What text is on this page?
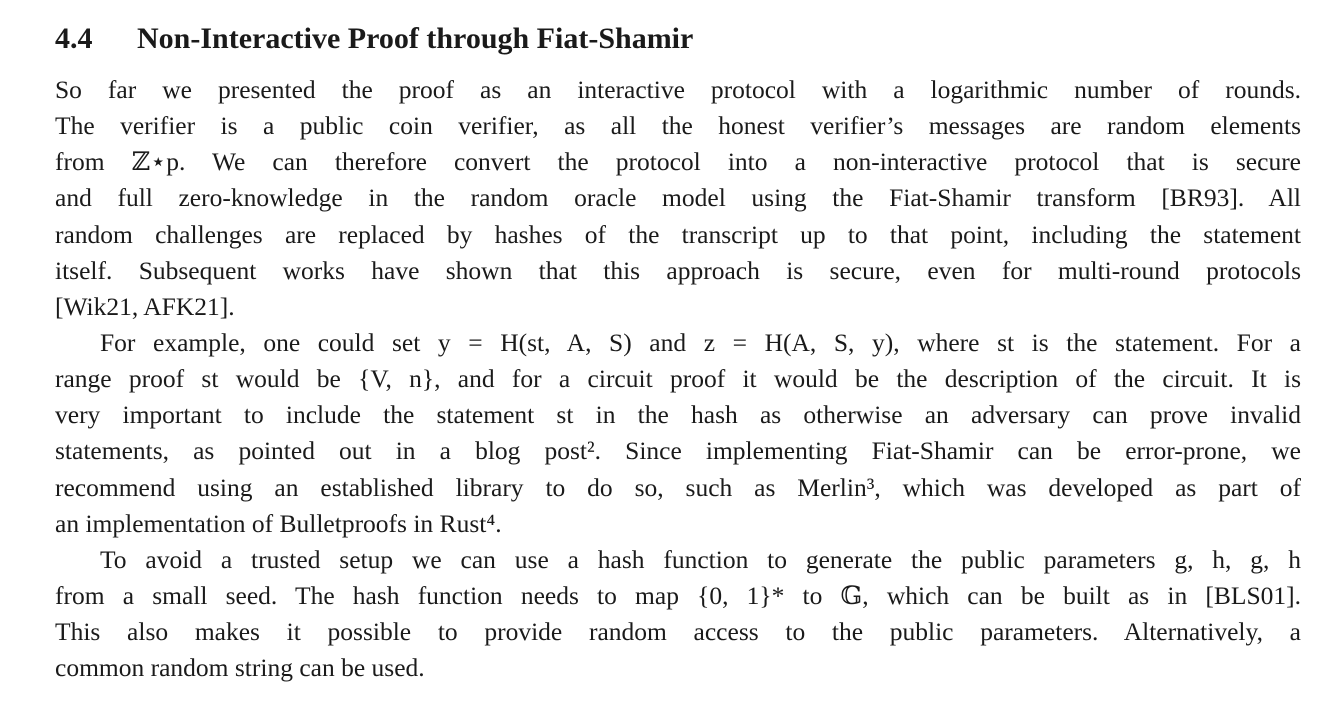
4.4 Non-Interactive Proof through Fiat-Shamir
So far we presented the proof as an interactive protocol with a logarithmic number of rounds.
The verifier is a public coin verifier, as all the honest verifier’s messages are random elements
from ℤ⋆p. We can therefore convert the protocol into a non-interactive protocol that is secure
and full zero-knowledge in the random oracle model using the Fiat-Shamir transform [BR93]. All
random challenges are replaced by hashes of the transcript up to that point, including the statement
itself. Subsequent works have shown that this approach is secure, even for multi-round protocols
[Wik21, AFK21].
For example, one could set y = H(st, A, S) and z = H(A, S, y), where st is the statement. For a
range proof st would be {V, n}, and for a circuit proof it would be the description of the circuit. It is
very important to include the statement st in the hash as otherwise an adversary can prove invalid
statements, as pointed out in a blog post². Since implementing Fiat-Shamir can be error-prone, we
recommend using an established library to do so, such as Merlin³, which was developed as part of
an implementation of Bulletproofs in Rust⁴.
To avoid a trusted setup we can use a hash function to generate the public parameters g, h, g, h
from a small seed. The hash function needs to map {0, 1}* to 𝔾, which can be built as in [BLS01].
This also makes it possible to provide random access to the public parameters. Alternatively, a
common random string can be used.
